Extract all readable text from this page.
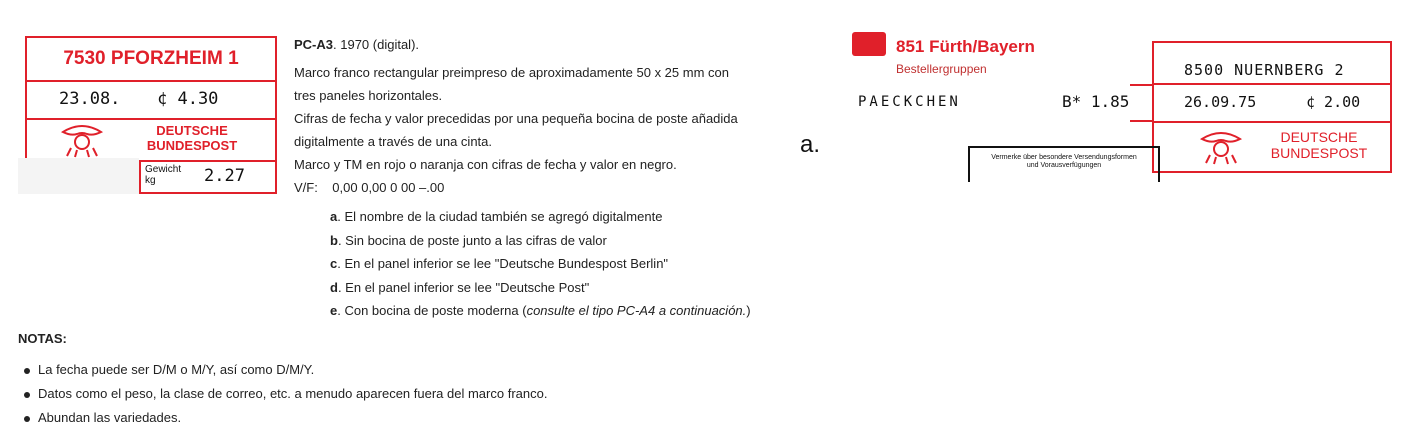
7530 PFORZHEIM 1
23.08. ¢ 4.30
DEUTSCHE
BUNDESPOST
Gewicht
kg	2.27
PC-A3. 1970 (digital).
Marco franco rectangular preimpreso de aproximadamente 50 x 25 mm con
tres paneles horizontales.
Cifras de fecha y valor precedidas por una pequeña bocina de poste añadida
digitalmente a través de una cinta.
Marco y TM en rojo o naranja con cifras de fecha y valor en negro.
V/F: 0,00 0,00 0 00 –.00
a. El nombre de la ciudad también se agregó digitalmente
b. Sin bocina de poste junto a las cifras de valor
c. En el panel inferior se lee "Deutsche Bundespost Berlin"
d. En el panel inferior se lee "Deutsche Post"
e. Con bocina de poste moderna (consulte el tipo PC-A4 a continuación.)
NOTAS:
La fecha puede ser D/M o M/Y, así como D/M/Y.
Datos como el peso, la clase de correo, etc. a menudo aparecen fuera del marco franco.
Abundan las variedades.
a.
851 Fürth/Bayern
Bestellergruppen
PAECKCHEN	B* 1.85
8500 NUERNBERG 2
26.09.75	¢ 2.00
DEUTSCHE
BUNDESPOST
Vermerke über besondere Versendungsformen
und Vorausverfügungen
